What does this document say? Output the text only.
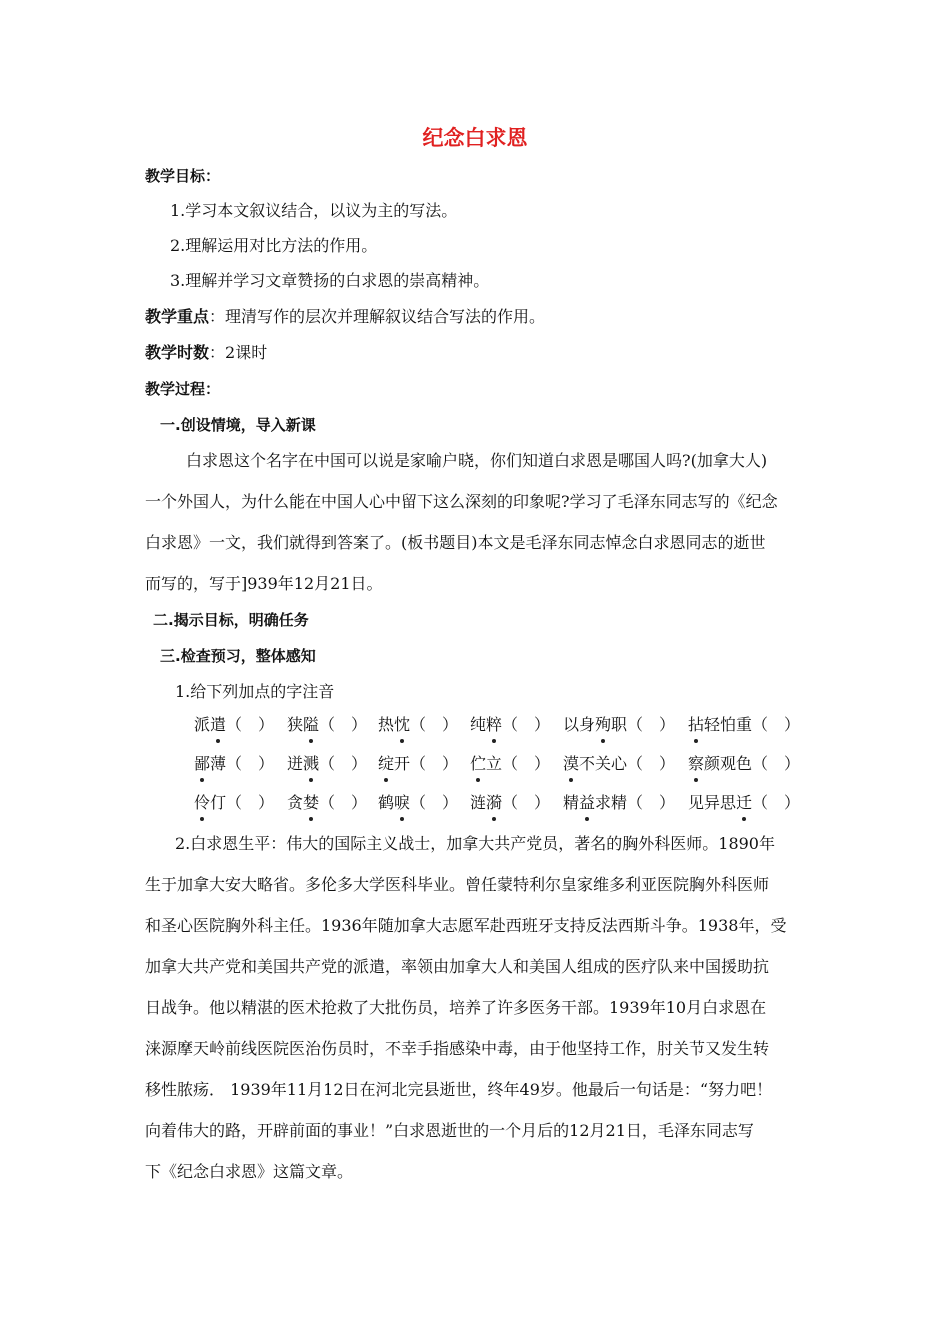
纪念白求恩
教学目标：
1.学习本文叙议结合，以议为主的写法。
2.理解运用对比方法的作用。
3.理解并学习文章赞扬的白求恩的崇高精神。
教学重点：理清写作的层次并理解叙议结合写法的作用。
教学时数：2课时
教学过程：
一.创设情境，导入新课
白求恩这个名字在中国可以说是家喻户晓，你们知道白求恩是哪国人吗?(加拿大人)
一个外国人，为什么能在中国人心中留下这么深刻的印象呢?学习了毛泽东同志写的《纪念
白求恩》一文，我们就得到答案了。(板书题目)本文是毛泽东同志悼念白求恩同志的逝世
而写的，写于]939年12月21日。
二.揭示目标，明确任务
三.检查预习，整体感知
1.给下列加点的字注音
派遣（　） 狭隘（　） 热忱（　） 纯粹（　） 以身殉职（　） 拈轻怕重（　）
鄙薄（　） 迸溅（　） 绽开（　） 伫立（　） 漠不关心（　） 察颜观色（　）
伶仃（　） 贪婪（　） 鹤唳（　） 涟漪（　） 精益求精（　） 见异思迁（　）
2.白求恩生平：伟大的国际主义战士，加拿大共产党员，著名的胸外科医师。1890年
生于加拿大安大略省。多伦多大学医科毕业。曾任蒙特利尔皇家维多利亚医院胸外科医师
和圣心医院胸外科主任。1936年随加拿大志愿军赴西班牙支持反法西斯斗争。1938年，受
加拿大共产党和美国共产党的派遣，率领由加拿大人和美国人组成的医疗队来中国援助抗
日战争。他以精湛的医术抢救了大批伤员，培养了许多医务干部。1939年10月白求恩在
涞源摩天岭前线医院医治伤员时，不幸手指感染中毒，由于他坚持工作，肘关节又发生转
移性脓疡． 1939年11月12日在河北完县逝世，终年49岁。他最后一句话是：“努力吧！
向着伟大的路，开辟前面的事业！”白求恩逝世的一个月后的12月21日，毛泽东同志写
下《纪念白求恩》这篇文章。
